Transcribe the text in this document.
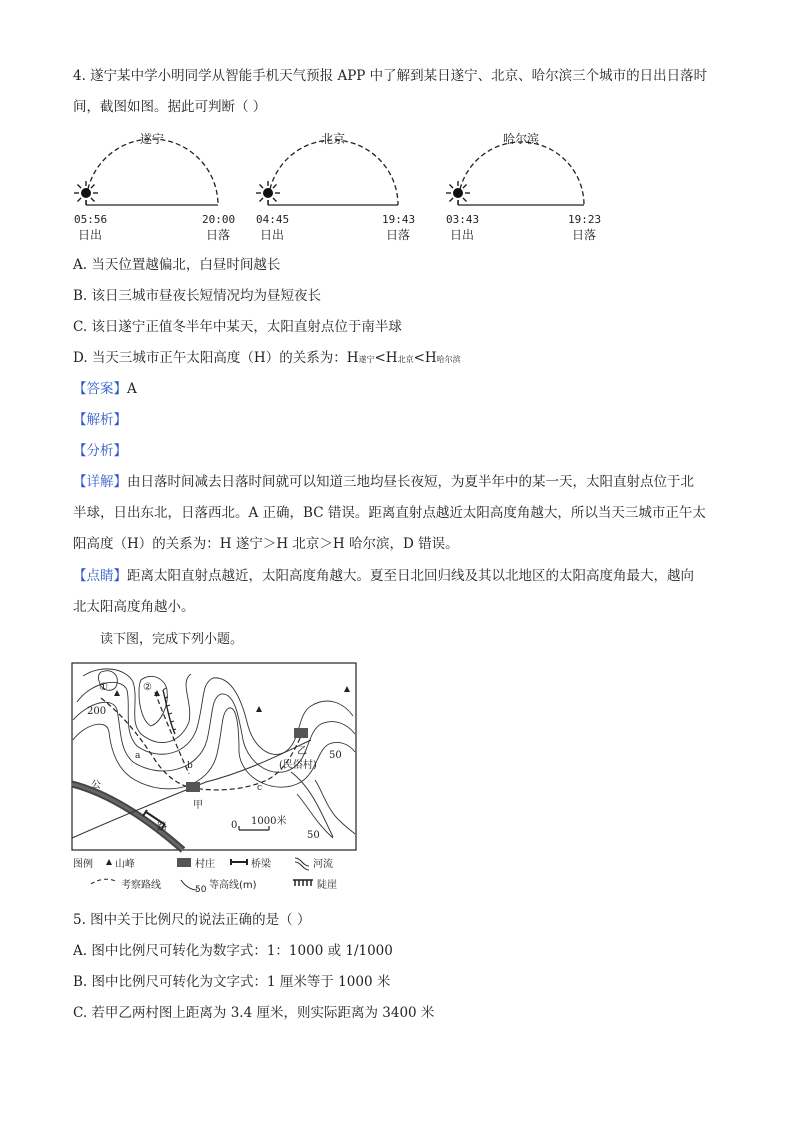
4. 遂宁某中学小明同学从智能手机天气预报 APP 中了解到某日遂宁、北京、哈尔滨三个城市的日出日落时

间，截图如图。据此可判断（ ）

遂宁
05:56	20:00
日出	日落
北京
04:45	19:43
日出	日落
哈尔滨
03:43	19:23
日出	日落
A. 当天位置越偏北，白昼时间越长
B. 该日三城市昼夜长短情况均为昼短夜长
C. 该日遂宁正值冬半年中某天，太阳直射点位于南半球
D. 当天三城市正午太阳高度（H）的关系为：H遂宁<H北京<H哈尔滨
【答案】A
【解析】
【分析】

【详解】由日落时间减去日落时间就可以知道三地均昼长夜短，为夏半年中的某一天，太阳直射点位于北

半球，日出东北，日落西北。A 正确，BC 错误。距离直射点越近太阳高度角越大，所以当天三城市正午太

阳高度（H）的关系为：H 遂宁＞H 北京＞H 哈尔滨，D 错误。

【点睛】距离太阳直射点越近，太阳高度角越大。夏至日北回归线及其以北地区的太阳高度角最大，越向

北太阳高度角越小。

读下图，完成下列小题。
①	②
200
50
50
a
b
c
甲
乙
(民俗村)
公
路	0 1000米
图例 山峰	村庄	桥梁	河流
考察路线	50 等高线(m)	陡崖
5. 图中关于比例尺的说法正确的是（ ）
A. 图中比例尺可转化为数字式：1：1000 或 1/1000
B. 图中比例尺可转化为文字式：1 厘米等于 1000 米
C. 若甲乙两村图上距离为 3.4 厘米，则实际距离为 3400 米
